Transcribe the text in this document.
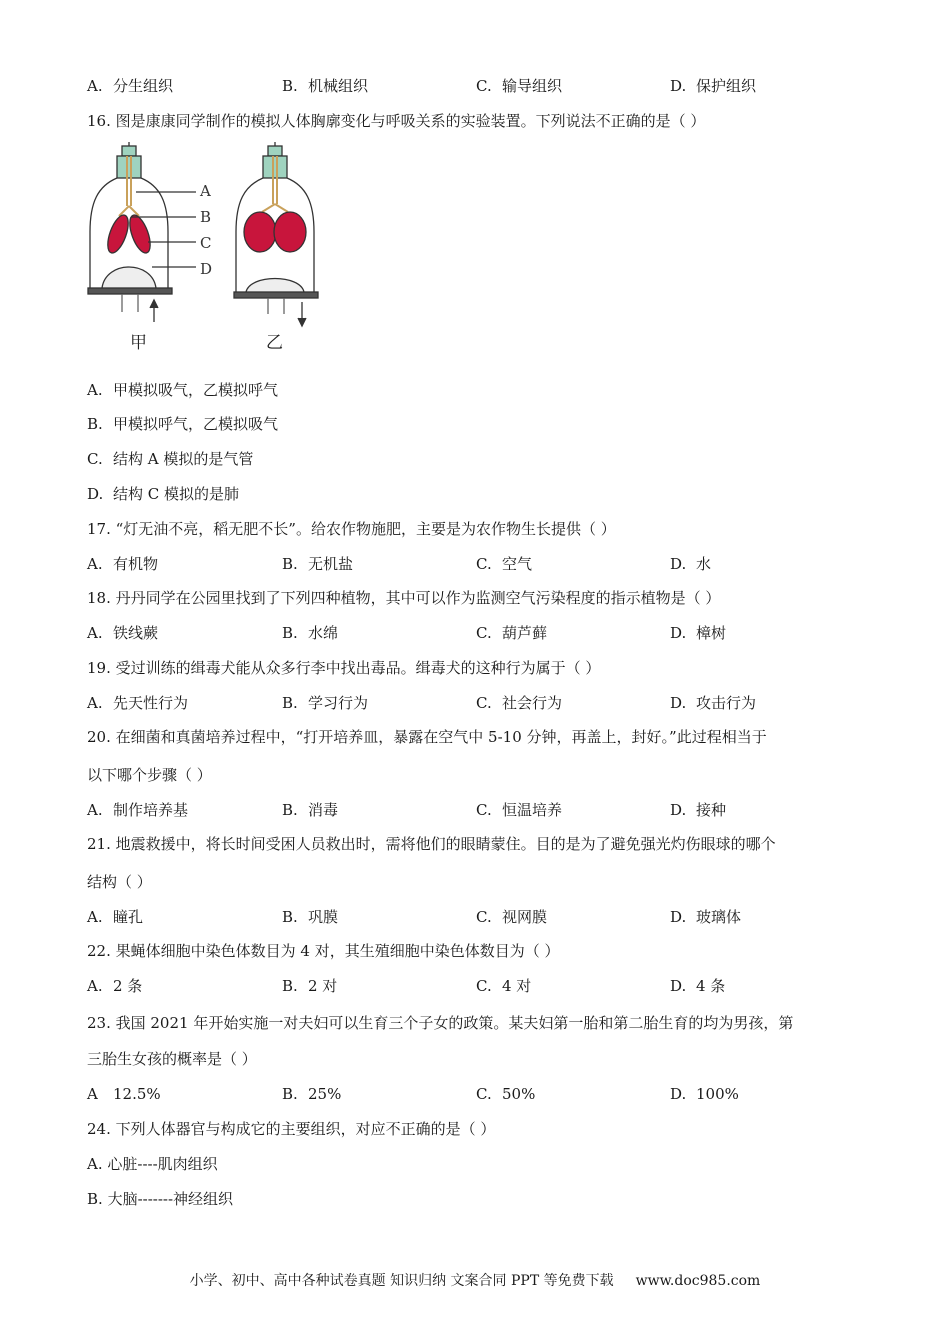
A. 分生组织	B. 机械组织	C. 输导组织	D. 保护组织
16. 图是康康同学制作的模拟人体胸廓变化与呼吸关系的实验装置。下列说法不正确的是（ ）
A
B
C
D
甲	乙
A. 甲模拟吸气，乙模拟呼气
B. 甲模拟呼气，乙模拟吸气
C. 结构 A 模拟的是气管
D. 结构 C 模拟的是肺
17. “灯无油不亮，稻无肥不长”。给农作物施肥，主要是为农作物生长提供（ ）
A. 有机物	B. 无机盐	C. 空气	D. 水
18. 丹丹同学在公园里找到了下列四种植物，其中可以作为监测空气污染程度的指示植物是（ ）
A. 铁线蕨	B. 水绵	C. 葫芦藓	D. 樟树
19. 受过训练的缉毒犬能从众多行李中找出毒品。缉毒犬的这种行为属于（ ）
A. 先天性行为	B. 学习行为	C. 社会行为	D. 攻击行为
20. 在细菌和真菌培养过程中，“打开培养皿，暴露在空气中 5-10 分钟，再盖上，封好。”此过程相当于
以下哪个步骤（ ）
A. 制作培养基	B. 消毒	C. 恒温培养	D. 接种
21. 地震救援中，将长时间受困人员救出时，需将他们的眼睛蒙住。目的是为了避免强光灼伤眼球的哪个
结构（ ）
A. 瞳孔	B. 巩膜	C. 视网膜	D. 玻璃体
22. 果蝇体细胞中染色体数目为 4 对，其生殖细胞中染色体数目为（ ）
A. 2 条	B. 2 对	C. 4 对	D. 4 条
23. 我国 2021 年开始实施一对夫妇可以生育三个子女的政策。某夫妇第一胎和第二胎生育的均为男孩，第
三胎生女孩的概率是（ ）
A 12.5%	B. 25%	C. 50%	D. 100%
24. 下列人体器官与构成它的主要组织，对应不正确的是（ ）
A. 心脏----肌肉组织
B. 大脑-------神经组织
小学、初中、高中各种试卷真题 知识归纳 文案合同 PPT 等免费下载 www.doc985.com
